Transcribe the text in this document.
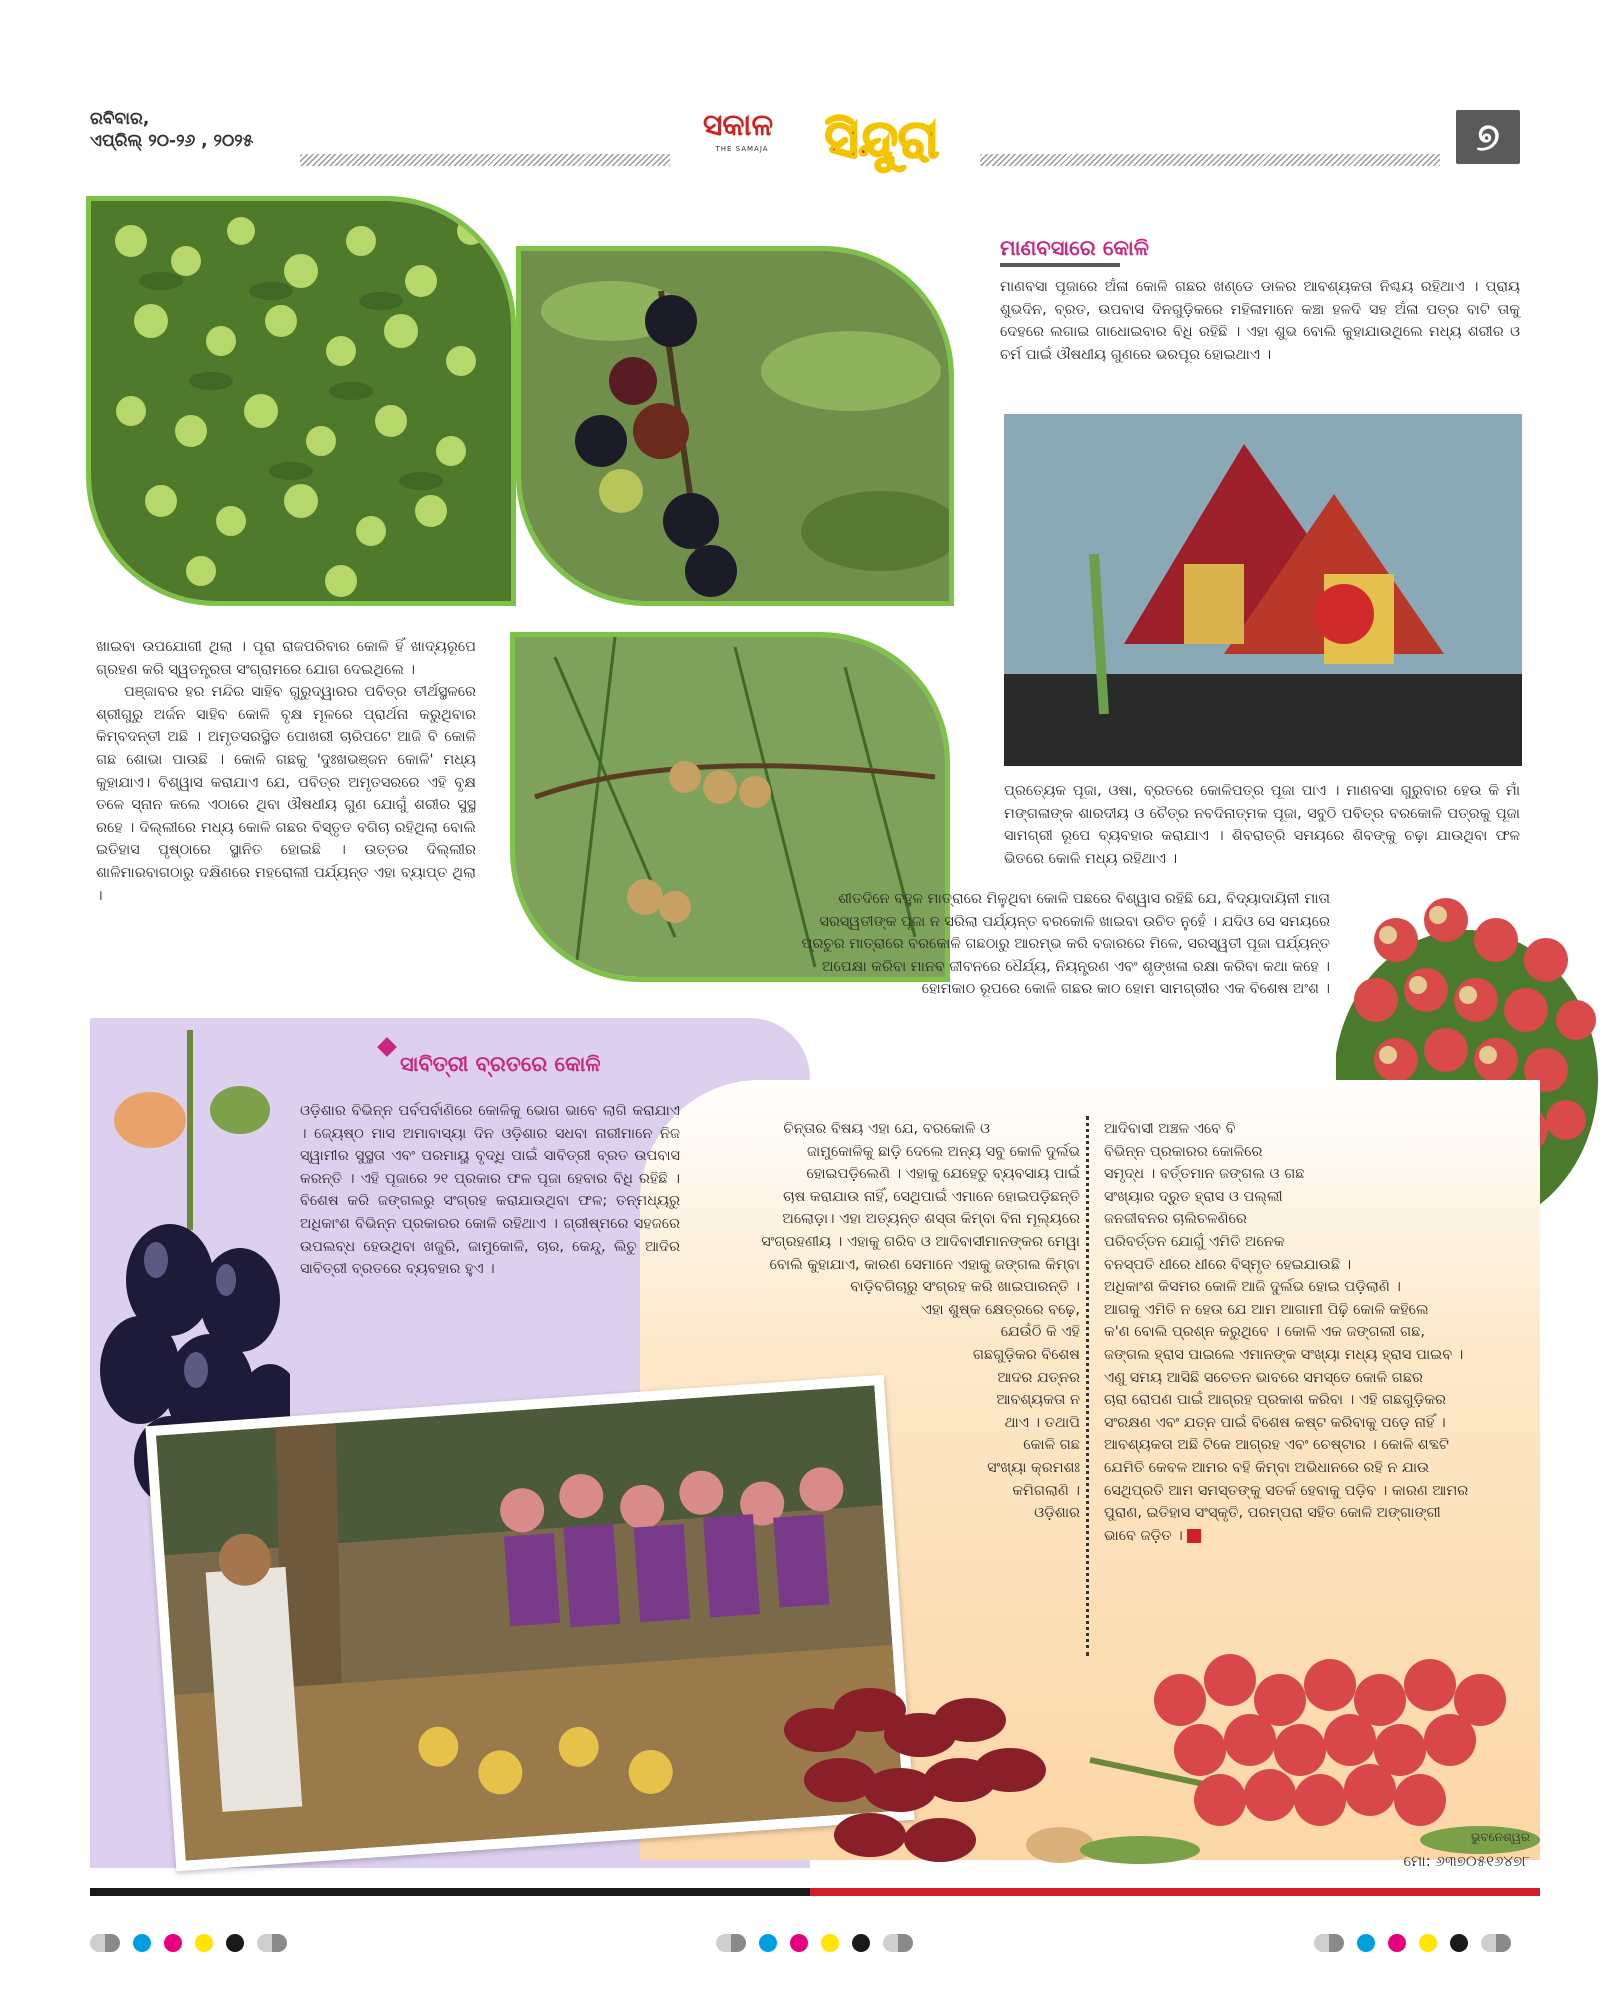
ରବିବାର,
ଏପ୍ରିଲ୍ ୨୦-୨୬ , ୨୦୨୫	ସକାଳ
THE SAMAJA	ସିନ୍ଦୁରା	୭

ଖାଇବା ଉପଯୋଗୀ ଥିଲା । ପୂରା ରାଜପରିବାର କୋଳି ହିଁ ଖାଦ୍ୟରୂପେ ଗ୍ରହଣ କରି ସ୍ୱତନ୍ତ୍ରତା ସଂଗ୍ରାମରେ ଯୋଗ ଦେଇଥିଲେ ।

ପଞ୍ଜାବର ହର ମନ୍ଦିର ସାହିବ ଗୁରୁଦ୍ୱାରର ପବିତ୍ର ତୀର୍ଥସ୍ଥଳରେ ଶ୍ରୀଗୁରୁ ଅର୍ଜନ ସାହିବ କୋଳି ବୃକ୍ଷ ମୂଳରେ ପ୍ରାର୍ଥନା କରୁଥିବାର କିମ୍ବଦନ୍ତୀ ଅଛି । ଅମୃତସରସ୍ଥିତ ପୋଖରୀ ଚାରିପଟେ ଆଜି ବି କୋଳି ଗଛ ଶୋଭା ପାଉଛି । କୋଳି ଗଛକୁ 'ଦୁଃଖଭଞ୍ଜନ କୋଳି' ମଧ୍ୟ କୁହାଯାଏ। ବିଶ୍ୱାସ କରାଯାଏ ଯେ, ପବିତ୍ର ଅମୃତସରରେ ଏହି ବୃକ୍ଷ ତଳେ ସ୍ନାନ କଲେ ଏଠାରେ ଥିବା ଔଷଧୀୟ ଗୁଣ ଯୋଗୁଁ ଶରୀର ସୁସ୍ଥ ରହେ । ଦିଲ୍ଲୀରେ ମଧ୍ୟ କୋଳି ଗଛର ବିସ୍ତୃତ ବଗିଚା ରହିଥିଲା ବୋଲି ଇତିହାସ ପୃଷ୍ଠାରେ ସ୍ଥାନିତ ହୋଇଛି । ଉତ୍ତର ଦିଲ୍ଲୀର ଶାଳିମାରବାଗଠାରୁ ଦକ୍ଷିଣରେ ମହରୋଲୀ ପର୍ଯ୍ୟନ୍ତ ଏହା ବ୍ୟାପ୍ତ ଥିଲା ।

ମାଣବସାରେ କୋଳି
ମାଣବସା ପୂଜାରେ ଅଁଳା କୋଳି ଗଛର ଖଣ୍ଡେ ଡାଳର ଆବଶ୍ୟକତା ନିଶ୍ଚୟ ରହିଥାଏ । ପ୍ରାୟ ଶୁଭଦିନ, ବ୍ରତ, ଉପବାସ ଦିନଗୁଡ଼ିକରେ ମହିଳାମାନେ କଞ୍ଚା ହଳଦି ସହ ଅଁଳା ପତ୍ର ବାଟି ତାକୁ ଦେହରେ ଲଗାଇ ଗାଧୋଇବାର ବିଧି ରହିଛି । ଏହା ଶୁଭ ବୋଲି କୁହାଯାଉଥିଲେ ମଧ୍ୟ ଶରୀର ଓ ଚର୍ମ ପାଇଁ ଔଷଧୀୟ ଗୁଣରେ ଭରପୂର ହୋଇଥାଏ ।
ପ୍ରତ୍ୟେକ ପୂଜା, ଓଷା, ବ୍ରତରେ କୋଳିପତ୍ର ପୂଜା ପାଏ । ମାଣବସା ଗୁରୁବାର ହେଉ କି ମାଁ ମଙ୍ଗଳାଙ୍କ ଶାରଦୀୟ ଓ ଚୈତ୍ର ନବଦିନାତ୍ମକ ପୂଜା, ସବୁଠି ପବିତ୍ର ବରକୋଳି ପତ୍ରକୁ ପୂଜା ସାମଗ୍ରୀ ରୂପେ ବ୍ୟବହାର କରାଯାଏ । ଶିବରାତ୍ରି ସମୟରେ ଶିବଙ୍କୁ ଚଢ଼ା ଯାଉଥିବା ଫଳ ଭିତରେ କୋଳି ମଧ୍ୟ ରହିଥାଏ ।
ଶୀତଦିନେ ବହୁଳ ମାତ୍ରାରେ ମିଳୁଥିବା କୋଳି ପଛରେ ବିଶ୍ୱାସ ରହିଛି ଯେ, ବିଦ୍ୟାଦାୟିନୀ ମାତା ସରସ୍ୱତୀଙ୍କ ପୂଜା ନ ସରିଲା ପର୍ଯ୍ୟନ୍ତ ବରକୋଳି ଖାଇବା ଉଚିତ ନୁହେଁ । ଯଦିଓ ସେ ସମୟରେ ପ୍ରଚୁର ମାତ୍ରାରେ ବରକୋଳି ଗଛଠାରୁ ଆରମ୍ଭ କରି ବଜାରରେ ମିଳେ, ସରସ୍ୱତୀ ପୂଜା ପର୍ଯ୍ୟନ୍ତ ଅପେକ୍ଷା କରିବା ମାନବ ଜୀବନରେ ଧୈର୍ଯ୍ୟ, ନିୟନ୍ତ୍ରଣ ଏବଂ ଶୃଙ୍ଖଳା ରକ୍ଷା କରିବା କଥା କହେ । ହୋମକାଠ ରୂପରେ କୋଳି ଗଛର କାଠ ହୋମ ସାମଗ୍ରୀର ଏକ ବିଶେଷ ଅଂଶ ।
ସାବିତ୍ରୀ ବ୍ରତରେ କୋଳି
ଓଡ଼ିଶାର ବିଭିନ୍ନ ପର୍ବପର୍ବାଣିରେ କୋଳିକୁ ଭୋଗ ଭାବେ ଲାଗି କରାଯାଏ । ଜ୍ୟେଷ୍ଠ ମାସ ଅମାବାସ୍ୟା ଦିନ ଓଡ଼ିଶାର ସଧବା ନାରୀମାନେ ନିଜ ସ୍ୱାମୀର ସୁସ୍ଥତା ଏବଂ ପରମାୟୁ ବୃଦ୍ଧି ପାଇଁ ସାବିତ୍ରୀ ବ୍ରତ ଉପବାସ କରନ୍ତି । ଏହି ପୂଜାରେ ୨୧ ପ୍ରକାର ଫଳ ପୂଜା ହେବାର ବିଧି ରହିଛି । ବିଶେଷ କରି ଜଙ୍ଗଲରୁ ସଂଗ୍ରହ କରାଯାଉଥିବା ଫଳ; ତନ୍ମଧ୍ୟରୁ ଅଧିକାଂଶ ବିଭିନ୍ନ ପ୍ରକାରର କୋଳି ରହିଥାଏ । ଗ୍ରୀଷ୍ମରେ ସହଜରେ ଉପଲବ୍ଧ ହେଉଥିବା ଖଜୁରି, ଜାମୁକୋଳି, ଚାର, କେନ୍ଦୁ, ଲିଚୁ ଆଦିର ସାବିତ୍ରୀ ବ୍ରତରେ ବ୍ୟବହାର ହୁଏ ।
ଚିନ୍ତାର ବିଷୟ ଏହା ଯେ, ବରକୋଳି ଓ
ଜାମୁକୋଳିକୁ ଛାଡ଼ି ଦେଲେ ଅନ୍ୟ ସବୁ କୋଳି ଦୁର୍ଲଭ
ହୋଇପଡ଼ିଲେଣି । ଏହାକୁ ଯେହେତୁ ବ୍ୟବସାୟ ପାଇଁ
ଚାଷ କରାଯାଉ ନାହିଁ, ସେଥିପାଇଁ ଏମାନେ ହୋଇପଡ଼ିଛନ୍ତି
ଅଲୋଡ଼ା। ଏହା ଅତ୍ୟନ୍ତ ଶସ୍ତା କିମ୍ବା ବିନା ମୂଲ୍ୟରେ
ସଂଗ୍ରହଣୀୟ । ଏହାକୁ ଗରିବ ଓ ଆଦିବାସୀମାନଙ୍କର ମେୱା
ବୋଲି କୁହାଯାଏ, କାରଣ ସେମାନେ ଏହାକୁ ଜଙ୍ଗଲ କିମ୍ବା
ବାଡ଼ିବଗିଚାରୁ ସଂଗ୍ରହ କରି ଖାଇପାରନ୍ତି ।
ଏହା ଶୁଷ୍କ କ୍ଷେତ୍ରରେ ବଢ଼େ,
ଯେଉଁଠି କି ଏହି
ଗଛଗୁଡ଼ିକର ବିଶେଷ
ଆଦର ଯତ୍ନର
ଆବଶ୍ୟକତା ନ
ଥାଏ । ତଥାପି
କୋଳି ଗଛ
ସଂଖ୍ୟା କ୍ରମଶଃ
କମିଗଲାଣି ।
ଓଡ଼ିଶାର
ଆଦିବାସୀ ଅଞ୍ଚଳ ଏବେ ବି
ବିଭିନ୍ନ ପ୍ରକାରର କୋଳିରେ
ସମୃଦ୍ଧ । ବର୍ତ୍ତମାନ ଜଙ୍ଗଲ ଓ ଗଛ
ସଂଖ୍ୟାର ଦ୍ରୁତ ହ୍ରାସ ଓ ପଲ୍ଲୀ
ଜନଜୀବନର ଚାଲିଚଳଣିରେ
ପରିବର୍ତ୍ତନ ଯୋଗୁଁ ଏମିତି ଅନେକ
ବନସ୍ପତି ଧୀରେ ଧୀରେ ବିସ୍ମୃତ ହେଇଯାଉଛି ।
ଅଧିକାଂଶ କିସମର କୋଳି ଆଜି ଦୁର୍ଲଭ ହୋଇ ପଡ଼ିଲାଣି ।
ଆଗକୁ ଏମିତି ନ ହେଉ ଯେ ଆମ ଆଗାମୀ ପିଢ଼ି କୋଳି କହିଲେ
କ'ଣ ବୋଲି ପ୍ରଶ୍ନ କରୁଥିବେ । କୋଳି ଏକ ଜଙ୍ଗଲୀ ଗଛ,
ଜଙ୍ଗଲ ହ୍ରାସ ପାଇଲେ ଏମାନଙ୍କ ସଂଖ୍ୟା ମଧ୍ୟ ହ୍ରାସ ପାଇବ ।
ଏଣୁ ସମୟ ଆସିଛି ସଚେତନ ଭାବରେ ସମସ୍ତେ କୋଳି ଗଛର
ଚାରା ରୋପଣ ପାଇଁ ଆଗ୍ରହ ପ୍ରକାଶ କରିବା । ଏହି ଗଛଗୁଡ଼ିକର
ସଂରକ୍ଷଣ ଏବଂ ଯତ୍ନ ପାଇଁ ବିଶେଷ କଷ୍ଟ କରିବାକୁ ପଡ଼େ ନାହିଁ ।
ଆବଶ୍ୟକତା ଅଛି ଟିକେ ଆଗ୍ରହ ଏବଂ ଚେଷ୍ଟାର । କୋଳି ଶବ୍ଦଟି
ଯେମିତି କେବଳ ଆମର ବହି କିମ୍ବା ଅଭିଧାନରେ ରହି ନ ଯାଉ
ସେଥିପ୍ରତି ଆମ ସମସ୍ତଙ୍କୁ ସତର୍କ ହେବାକୁ ପଡ଼ିବ । କାରଣ ଆମର
ପୁରାଣ, ଇତିହାସ ସଂସ୍କୃତି, ପରମ୍ପରା ସହିତ କୋଳି ଅଙ୍ଗାଙ୍ଗୀ
ଭାବେ ଜଡ଼ିତ ।
ଭୁବନେଶ୍ୱର
ମୋ: ୬୩୭୦୫୧୬୪୭୮
